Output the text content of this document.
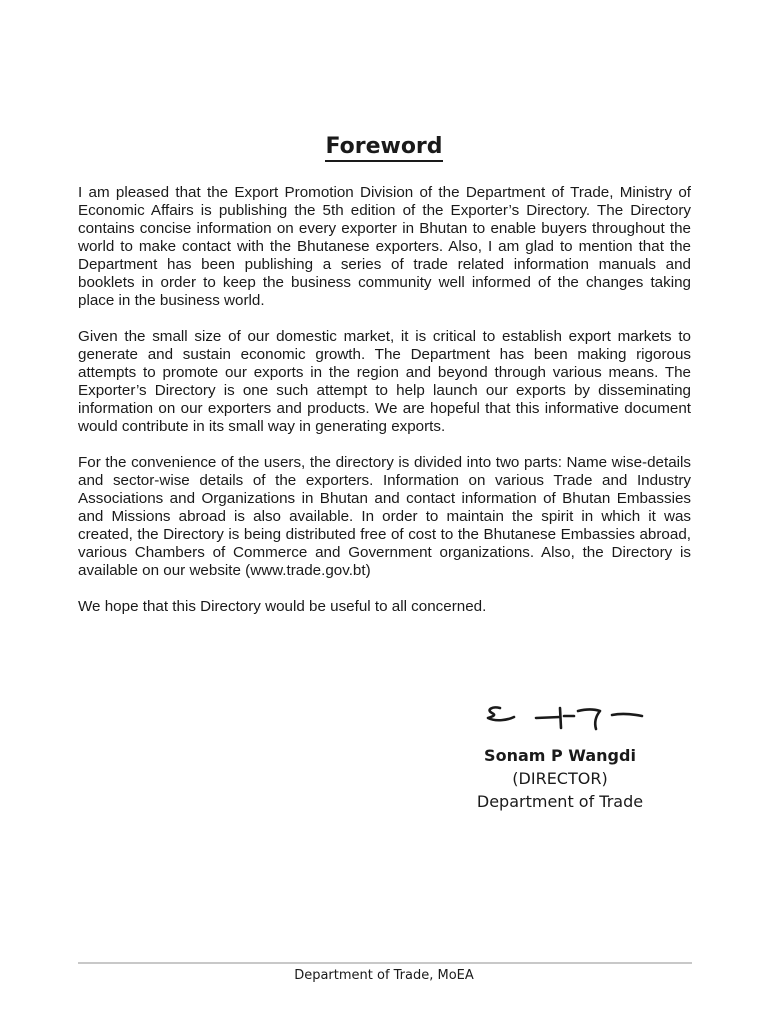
Foreword

I am pleased that the Export Promotion Division of the Department of Trade, Ministry of Economic Affairs is publishing the 5th edition of the Exporter’s Directory. The Directory contains concise information on every exporter in Bhutan to enable buyers throughout the world to make contact with the Bhutanese exporters. Also, I am glad to mention that the Department has been publishing a series of trade related information manuals and booklets in order to keep the business community well informed of the changes taking place in the business world.

Given the small size of our domestic market, it is critical to establish export markets to generate and sustain economic growth. The Department has been making rigorous attempts to promote our exports in the region and beyond through various means. The Exporter’s Directory is one such attempt to help launch our exports by disseminating information on our exporters and products. We are hopeful that this informative document would contribute in its small way in generating exports.

For the convenience of the users, the directory is divided into two parts: Name wise-details and sector-wise details of the exporters. Information on various Trade and Industry Associations and Organizations in Bhutan and contact information of Bhutan Embassies and Missions abroad is also available. In order to maintain the spirit in which it was created, the Directory is being distributed free of cost to the Bhutanese Embassies abroad, various Chambers of Commerce and Government organizations. Also, the Directory is available on our website (www.trade.gov.bt)

We hope that this Directory would be useful to all concerned.

Sonam P Wangdi
(DIRECTOR)
Department of Trade
Department of Trade, MoEA
